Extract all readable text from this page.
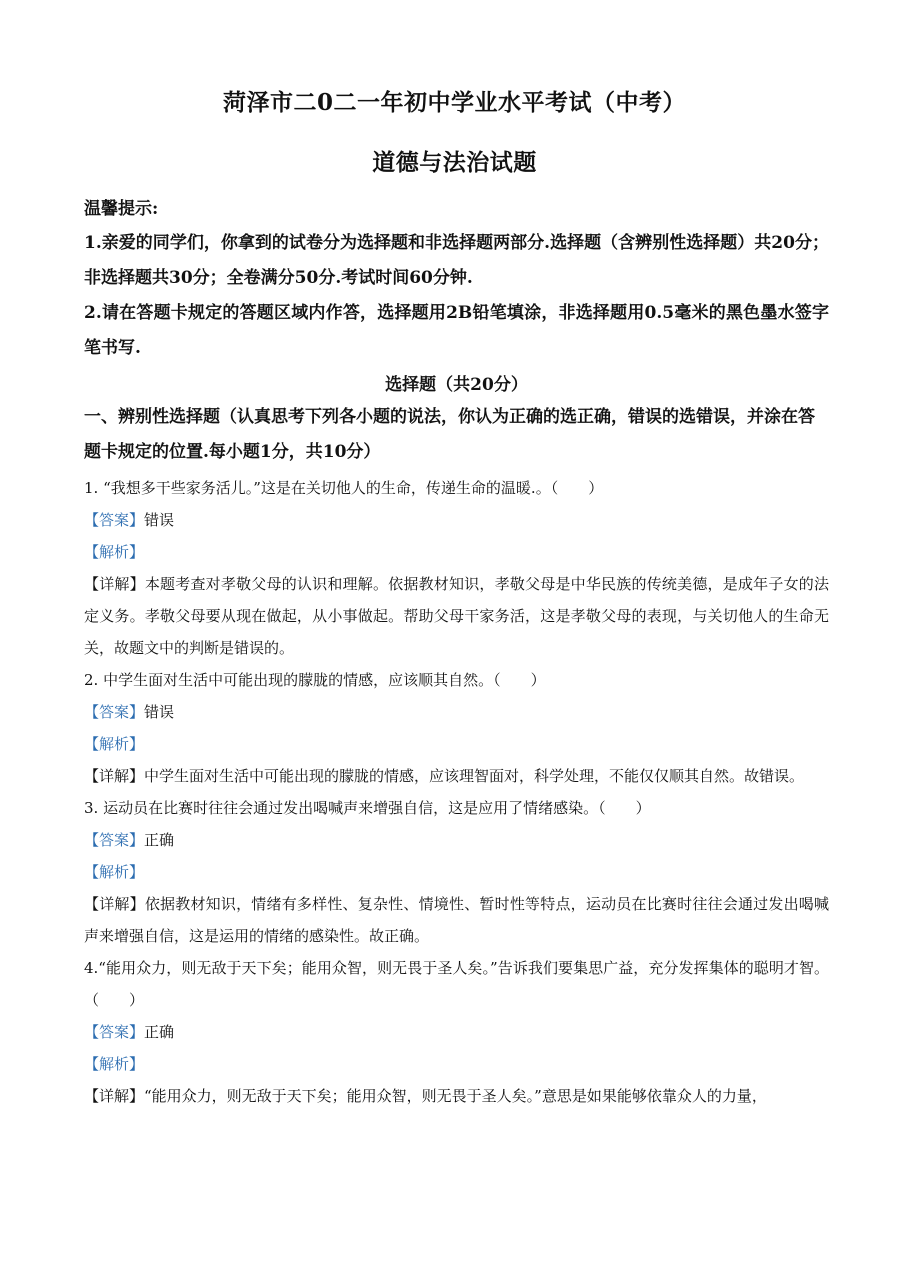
菏泽市二0二一年初中学业水平考试（中考）
道德与法治试题
温馨提示:
1.亲爱的同学们，你拿到的试卷分为选择题和非选择题两部分.选择题（含辨别性选择题）共20分；非选择题共30分；全卷满分50分.考试时间60分钟.
2.请在答题卡规定的答题区域内作答，选择题用2B铅笔填涂，非选择题用0.5毫米的黑色墨水签字笔书写.
选择题（共20分）
一、辨别性选择题（认真思考下列各小题的说法，你认为正确的选正确，错误的选错误，并涂在答题卡规定的位置.每小题1分，共10分）
1. “我想多干些家务活儿。”这是在关切他人的生命，传递生命的温暖.。（　　）
【答案】错误
【解析】
【详解】本题考查对孝敬父母的认识和理解。依据教材知识，孝敬父母是中华民族的传统美德，是成年子女的法定义务。孝敬父母要从现在做起，从小事做起。帮助父母干家务活，这是孝敬父母的表现，与关切他人的生命无关，故题文中的判断是错误的。
2. 中学生面对生活中可能出现的朦胧的情感，应该顺其自然。（　　）
【答案】错误
【解析】
【详解】中学生面对生活中可能出现的朦胧的情感，应该理智面对，科学处理，不能仅仅顺其自然。故错误。
3. 运动员在比赛时往往会通过发出喝喊声来增强自信，这是应用了情绪感染。（　　）
【答案】正确
【解析】
【详解】依据教材知识，情绪有多样性、复杂性、情境性、暂时性等特点，运动员在比赛时往往会通过发出喝喊声来增强自信，这是运用的情绪的感染性。故正确。
4.“能用众力，则无敌于天下矣；能用众智，则无畏于圣人矣。”告诉我们要集思广益，充分发挥集体的聪明才智。（　　）
【答案】正确
【解析】
【详解】“能用众力，则无敌于天下矣；能用众智，则无畏于圣人矣。”意思是如果能够依靠众人的力量，
